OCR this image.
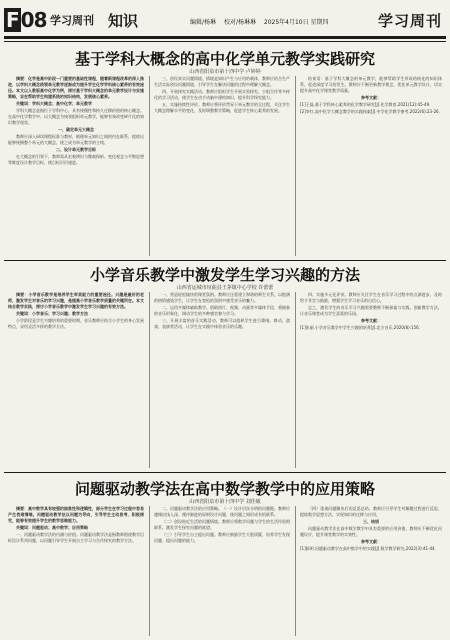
F 08 学习周刊 知识	编辑/杨琳 校对/杨琳琳 2025年4月10日 星期四	学习周刊
基于学科大概念的高中化学单元教学实践研究
山西省阳泉市第十四中学 卢婷婷

摘要：化学是高中阶段一门重要的基础性课程，随着新课程改革的深入推进，以学科大概念统领单元教学逐渐成为提升学生化学学科核心素养的有效途径。本文以人教版高中化学为例，探讨基于学科大概念的单元教学设计与实施策略，旨在帮助学生构建系统的知识结构，发展核心素养。

关键词：学科大概念；高中化学；单元教学

学科大概念是指位于学科中心，具有统摄性和持久迁移价值的核心概念。在高中化学教学中，以大概念为统领组织单元教学，能够有效改变碎片化的知识教学现状。

一、确定单元大概念

教师应深入研读课程标准与教材，梳理单元知识之间的内在联系，提炼出能够统摄整个单元的大概念，使之成为单元教学的主线。

二、设计单元教学目标

在大概念的引领下，教师需从宏观辨识与微观探析、变化观念与平衡思想等维度设计教学目标，使目标层层递进。

三、创设真实问题情境。情境是知识产生与应用的载体，教师应结合生产生活实际创设问题情境，引导学生在解决问题的过程中理解大概念。

四、开展探究实践活动。教师应组织学生开展实验探究、小组合作等多样化的学习活动，使学生在动手动脑中建构知识，提升科学探究能力。

五、实施持续性评价。教师应将评价贯穿于单元教学的全过程，关注学生大概念理解水平的变化，及时调整教学策略，促进学生核心素养的发展。

结束语：基于学科大概念的单元教学，能够帮助学生形成结构化的知识体系，促进深度学习的发生。教师应不断更新教学理念，优化单元教学设计，切实提升高中化学课堂教学质量。

参考文献：

[1]王磊.基于学科核心素养的化学教学研究[J].化学教育,2021(12):45-49.

[2]李红.高中化学大概念教学的实践探索[J].中学化学教学参考,2022(6):23-26.

小学音乐教学中激发学生学习兴趣的方法
山西省运城市垣曲县王茅镇中心学校 许蕾蕾

摘要：小学音乐教学是培养学生审美能力的重要途径。兴趣是最好的老师，激发学生对音乐的学习兴趣，是提高小学音乐教学质量的关键所在。本文结合教学实践，探讨小学音乐教学中激发学生学习兴趣的有效方法。

关键词：小学音乐；学习兴趣；教学方法

小学阶段是学生兴趣培养的重要时期，音乐教师应结合小学生的身心发展特点，采用灵活多样的教学方法。

一、营造轻松愉快的课堂氛围。教师应注重建立和谐的师生关系，以饱满的热情感染学生，让学生在宽松的氛围中感受音乐的魅力。

二、运用多媒体辅助教学。借助图片、视频、动画等多媒体手段，将抽象的音乐形象化，调动学生的多种感官参与学习。

三、开展丰富的音乐实践活动。教师可以组织学生进行歌唱、律动、游戏、表演等活动，让学生在实践中体验音乐的乐趣。

四、实施多元化评价。教师应关注学生在音乐学习过程中的点滴进步，及时给予肯定与鼓励，增强学生学习音乐的自信心。

总之，激发学生的音乐学习兴趣需要教师不断探索与实践，创新教学方法，让音乐课堂成为学生喜爱的乐园。

参考文献：

[1]张丽.小学音乐教学中学生兴趣的培养[J].北方音乐,2020(8):156.

问题驱动教学法在高中数学教学中的应用策略
山西省阳泉市第十四中学 刘佳敏

摘要：高中数学具有较强的抽象性和逻辑性，部分学生在学习过程中容易产生畏难情绪。问题驱动教学法以问题为导向，引导学生主动思考、积极探究，能够有效提升学生的数学思维能力。

关键词：问题驱动；高中数学；应用策略

一、问题驱动教学法的内涵与价值。问题驱动教学法是指教师围绕教学目标设计系列问题，以问题引导学生开展自主学习与合作探究的教学方法。

二、问题驱动教学法的应用策略。（一）设计层次分明的问题链。教师应遵循由浅入深、循序渐进的原则设计问题，使问题之间形成有机联系。

（二）创设贴近生活的问题情境。教师应将数学问题与学生的生活经验相联系，激发学生探究问题的欲望。

（三）引导学生自主提出问题。教师应鼓励学生大胆质疑，培养学生发现问题、提出问题的能力。

（四）重视问题解决后的反思总结。教师应引导学生对解题过程进行反思，提炼数学思想方法，实现知识的迁移与应用。

三、结语

问题驱动教学法在高中数学教学中具有重要的应用价值，教师应不断优化问题设计，提升课堂教学的实效性。

参考文献：

[1]陈明.问题驱动教学在高中数学中的实践[J].数学教学研究,2022(3):41-44.
